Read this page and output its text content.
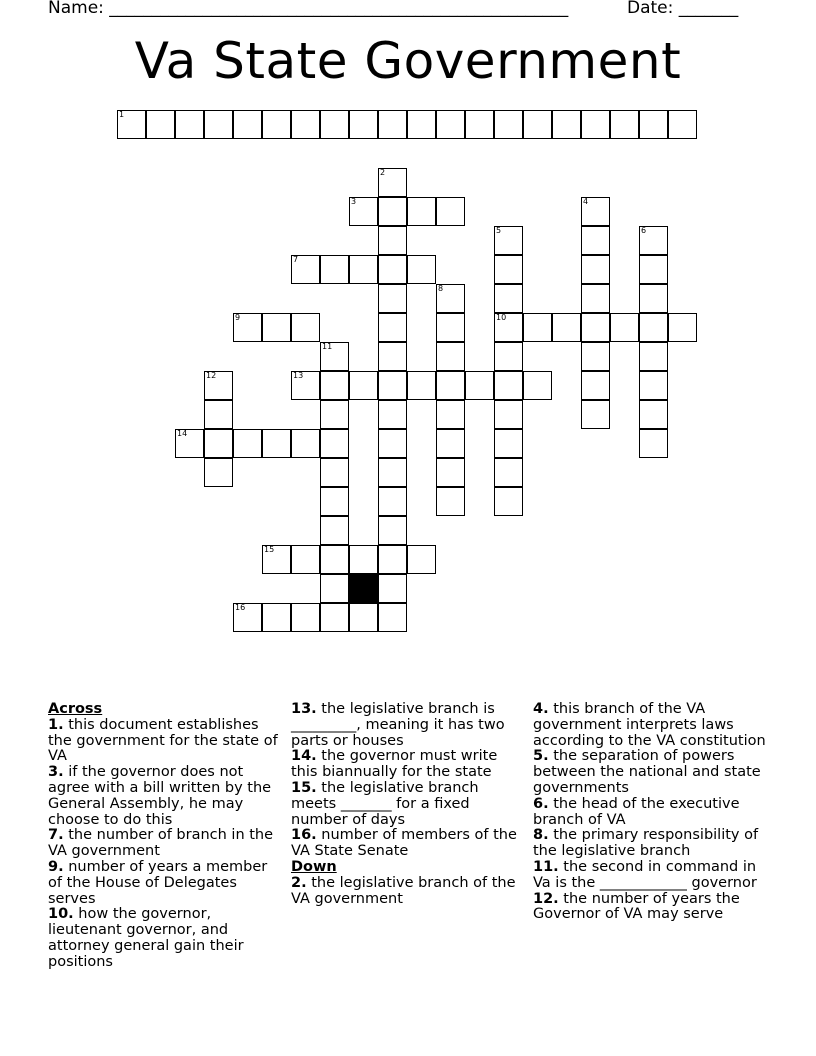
Name: ______________________________________________________	Date: _______
Va State Government
1
3
7
9	10
13
14
15
16
2
4
5	6
8
11
12
Across
1. this document establishes the government for the state of VA
3. if the governor does not agree with a bill written by the General Assembly, he may choose to do this
7. the number of branch in the VA government
9. number of years a member of the House of Delegates serves
10. how the governor, lieutenant governor, and attorney general gain their positions
13. the legislative branch is _________, meaning it has two parts or houses
14. the governor must write this biannually for the state
15. the legislative branch meets _______ for a fixed number of days
16. number of members of the VA State Senate
Down
2. the legislative branch of the VA government
4. this branch of the VA government interprets laws according to the VA constitution
5. the separation of powers between the national and state governments
6. the head of the executive branch of VA
8. the primary responsibility of the legislative branch
11. the second in command in Va is the ____________ governor
12. the number of years the Governor of VA may serve
